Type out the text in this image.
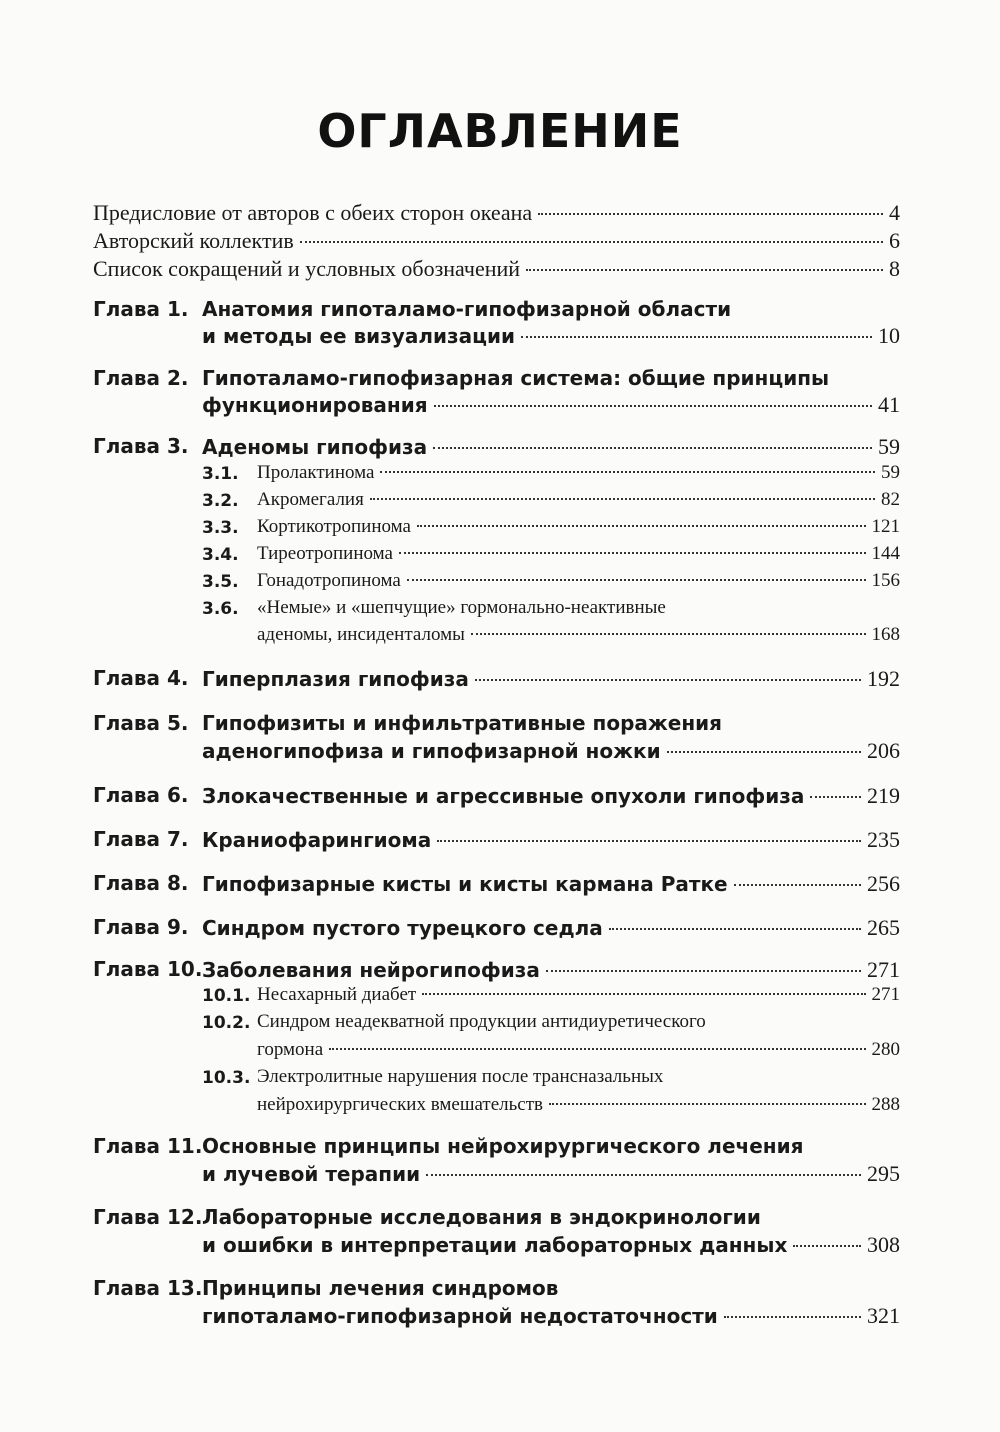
ОГЛАВЛЕНИЕ
Предисловие от авторов с обеих сторон океана	4
Авторский коллектив	6
Список сокращений и условных обозначений	8
Глава 1. Анатомия гипоталамо-гипофизарной области
и методы ее визуализации	10
Глава 2. Гипоталамо-гипофизарная система: общие принципы
функционирования	41
Глава 3. Аденомы гипофиза	59
3.1. Пролактинома	59
3.2. Акромегалия	82
3.3. Кортикотропинома	121
3.4. Тиреотропинома	144
3.5. Гонадотропинома	156
3.6. «Немые» и «шепчущие» гормонально-неактивные
аденомы, инсиденталомы	168
Глава 4. Гиперплазия гипофиза	192
Глава 5. Гипофизиты и инфильтративные поражения
аденогипофиза и гипофизарной ножки	206
Глава 6. Злокачественные и агрессивные опухоли гипофиза	219
Глава 7. Краниофарингиома	235
Глава 8. Гипофизарные кисты и кисты кармана Ратке	256
Глава 9. Синдром пустого турецкого седла	265
Глава 10. Заболевания нейрогипофиза	271
10.1. Несахарный диабет	271
10.2. Синдром неадекватной продукции антидиуретического
гормона	280
10.3. Электролитные нарушения после трансназальных
нейрохирургических вмешательств	288
Глава 11. Основные принципы нейрохирургического лечения
и лучевой терапии	295
Глава 12. Лабораторные исследования в эндокринологии
и ошибки в интерпретации лабораторных данных	308
Глава 13. Принципы лечения синдромов
гипоталамо-гипофизарной недостаточности	321
